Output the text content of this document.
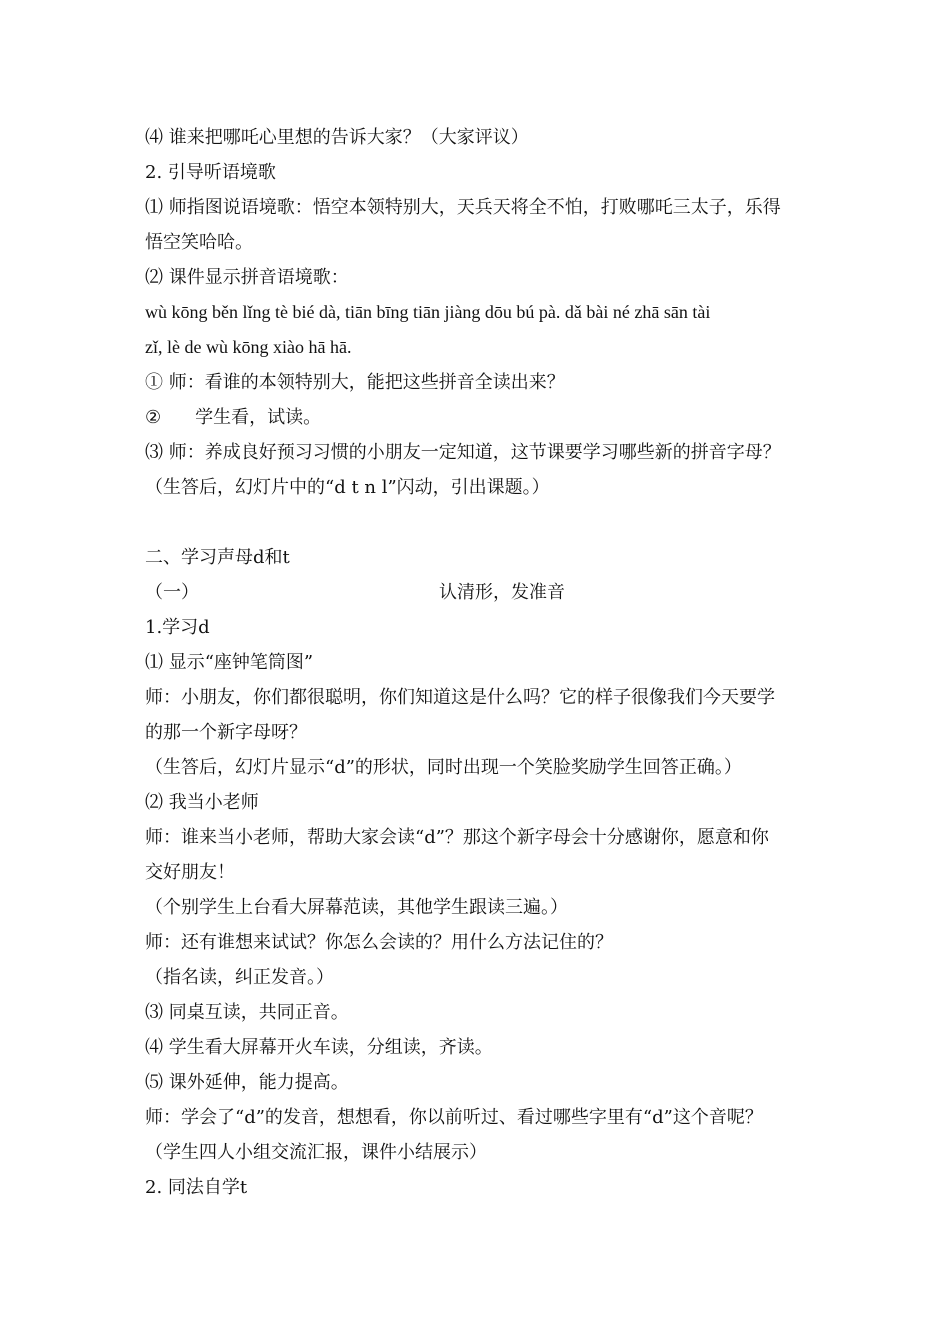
⑷ 谁来把哪吒心里想的告诉大家？（大家评议）
2. 引导听语境歌
⑴ 师指图说语境歌：悟空本领特别大，天兵天将全不怕，打败哪吒三太子，乐得
悟空笑哈哈。
⑵ 课件显示拼音语境歌：
wù kōng běn lǐng tè bié dà, tiān bīng tiān jiàng dōu bú pà. dǎ bài né zhā sān tài
zǐ, lè de wù kōng xiào hā hā.
① 师：看谁的本领特别大，能把这些拼音全读出来？
② 学生看，试读。
⑶ 师：养成良好预习习惯的小朋友一定知道，这节课要学习哪些新的拼音字母？
（生答后，幻灯片中的“d t n l”闪动，引出课题。）
二、学习声母d和t
（一）	认清形，发准音
1.学习d
⑴ 显示“座钟笔筒图”
师：小朋友，你们都很聪明，你们知道这是什么吗？它的样子很像我们今天要学
的那一个新字母呀？
（生答后，幻灯片显示“d”的形状，同时出现一个笑脸奖励学生回答正确。）
⑵ 我当小老师
师：谁来当小老师，帮助大家会读“d”？那这个新字母会十分感谢你，愿意和你
交好朋友！
（个别学生上台看大屏幕范读，其他学生跟读三遍。）
师：还有谁想来试试？你怎么会读的？用什么方法记住的？
（指名读，纠正发音。）
⑶ 同桌互读，共同正音。
⑷ 学生看大屏幕开火车读，分组读，齐读。
⑸ 课外延伸，能力提高。
师：学会了“d”的发音，想想看，你以前听过、看过哪些字里有“d”这个音呢？
（学生四人小组交流汇报，课件小结展示）
2. 同法自学t
